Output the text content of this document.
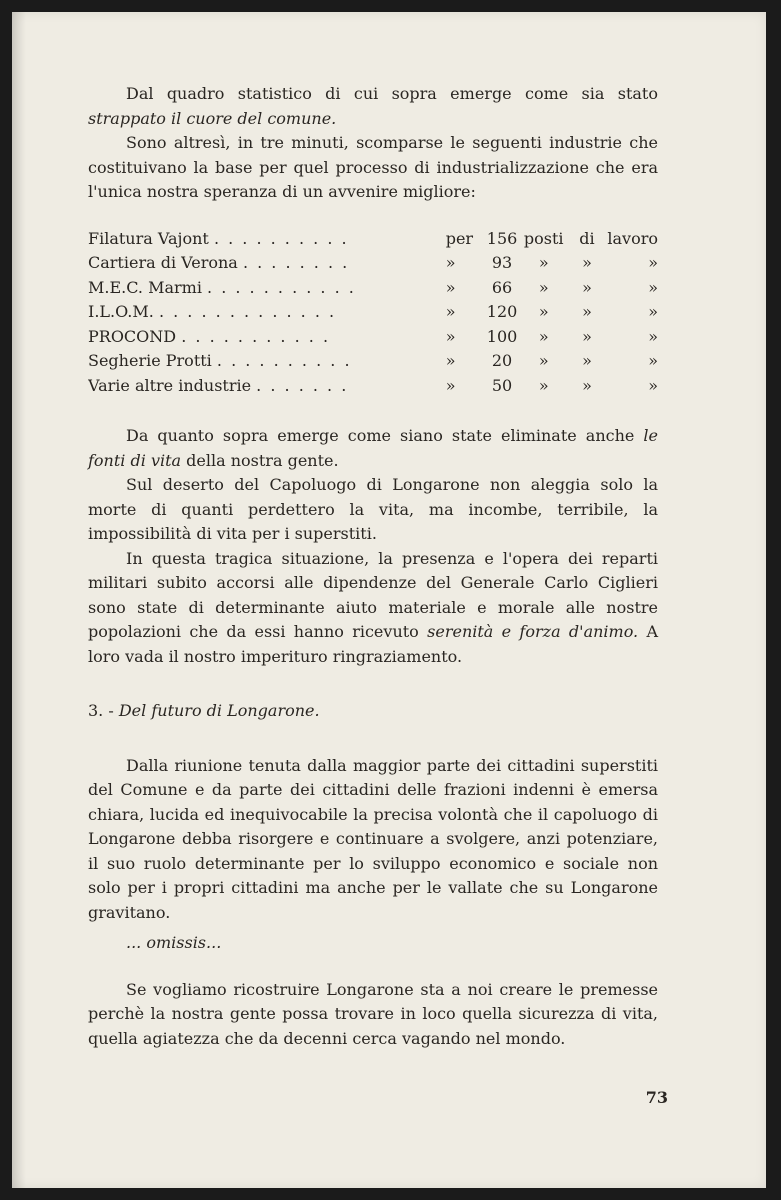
Dal quadro statistico di cui sopra emerge come sia stato strappato il cuore del comune.

Sono altresì, in tre minuti, scomparse le seguenti industrie che costituivano la base per quel processo di industrializzazione che era l'unica nostra speranza di un avvenire migliore:

Filatura Vajont . . . . . . . . . .	per	156	posti	di	lavoro
Cartiera di Verona . . . . . . . .	»	93	»	»	»
M.E.C. Marmi . . . . . . . . . . .	»	66	»	»	»
I.L.O.M. . . . . . . . . . . . . .	»	120	»	»	»
PROCOND . . . . . . . . . . .	»	100	»	»	»
Segherie Protti . . . . . . . . . .	»	20	»	»	»
Varie altre industrie . . . . . . .	»	50	»	»	»

Da quanto sopra emerge come siano state eliminate anche le fonti di vita della nostra gente.

Sul deserto del Capoluogo di Longarone non aleggia solo la morte di quanti perdettero la vita, ma incombe, terribile, la impossibilità di vita per i superstiti.

In questa tragica situazione, la presenza e l'opera dei reparti militari subito accorsi alle dipendenze del Generale Carlo Ciglieri sono state di determinante aiuto materiale e morale alle nostre popolazioni che da essi hanno ricevuto serenità e forza d'animo. A loro vada il nostro imperituro ringraziamento.

3. - Del futuro di Longarone.

Dalla riunione tenuta dalla maggior parte dei cittadini superstiti del Comune e da parte dei cittadini delle frazioni indenni è emersa chiara, lucida ed inequivocabile la precisa volontà che il capoluogo di Longarone debba risorgere e continuare a svolgere, anzi potenziare, il suo ruolo determinante per lo sviluppo economico e sociale non solo per i propri cittadini ma anche per le vallate che su Longarone gravitano.

... omissis...

Se vogliamo ricostruire Longarone sta a noi creare le premesse perchè la nostra gente possa trovare in loco quella sicurezza di vita, quella agiatezza che da decenni cerca vagando nel mondo.

73
